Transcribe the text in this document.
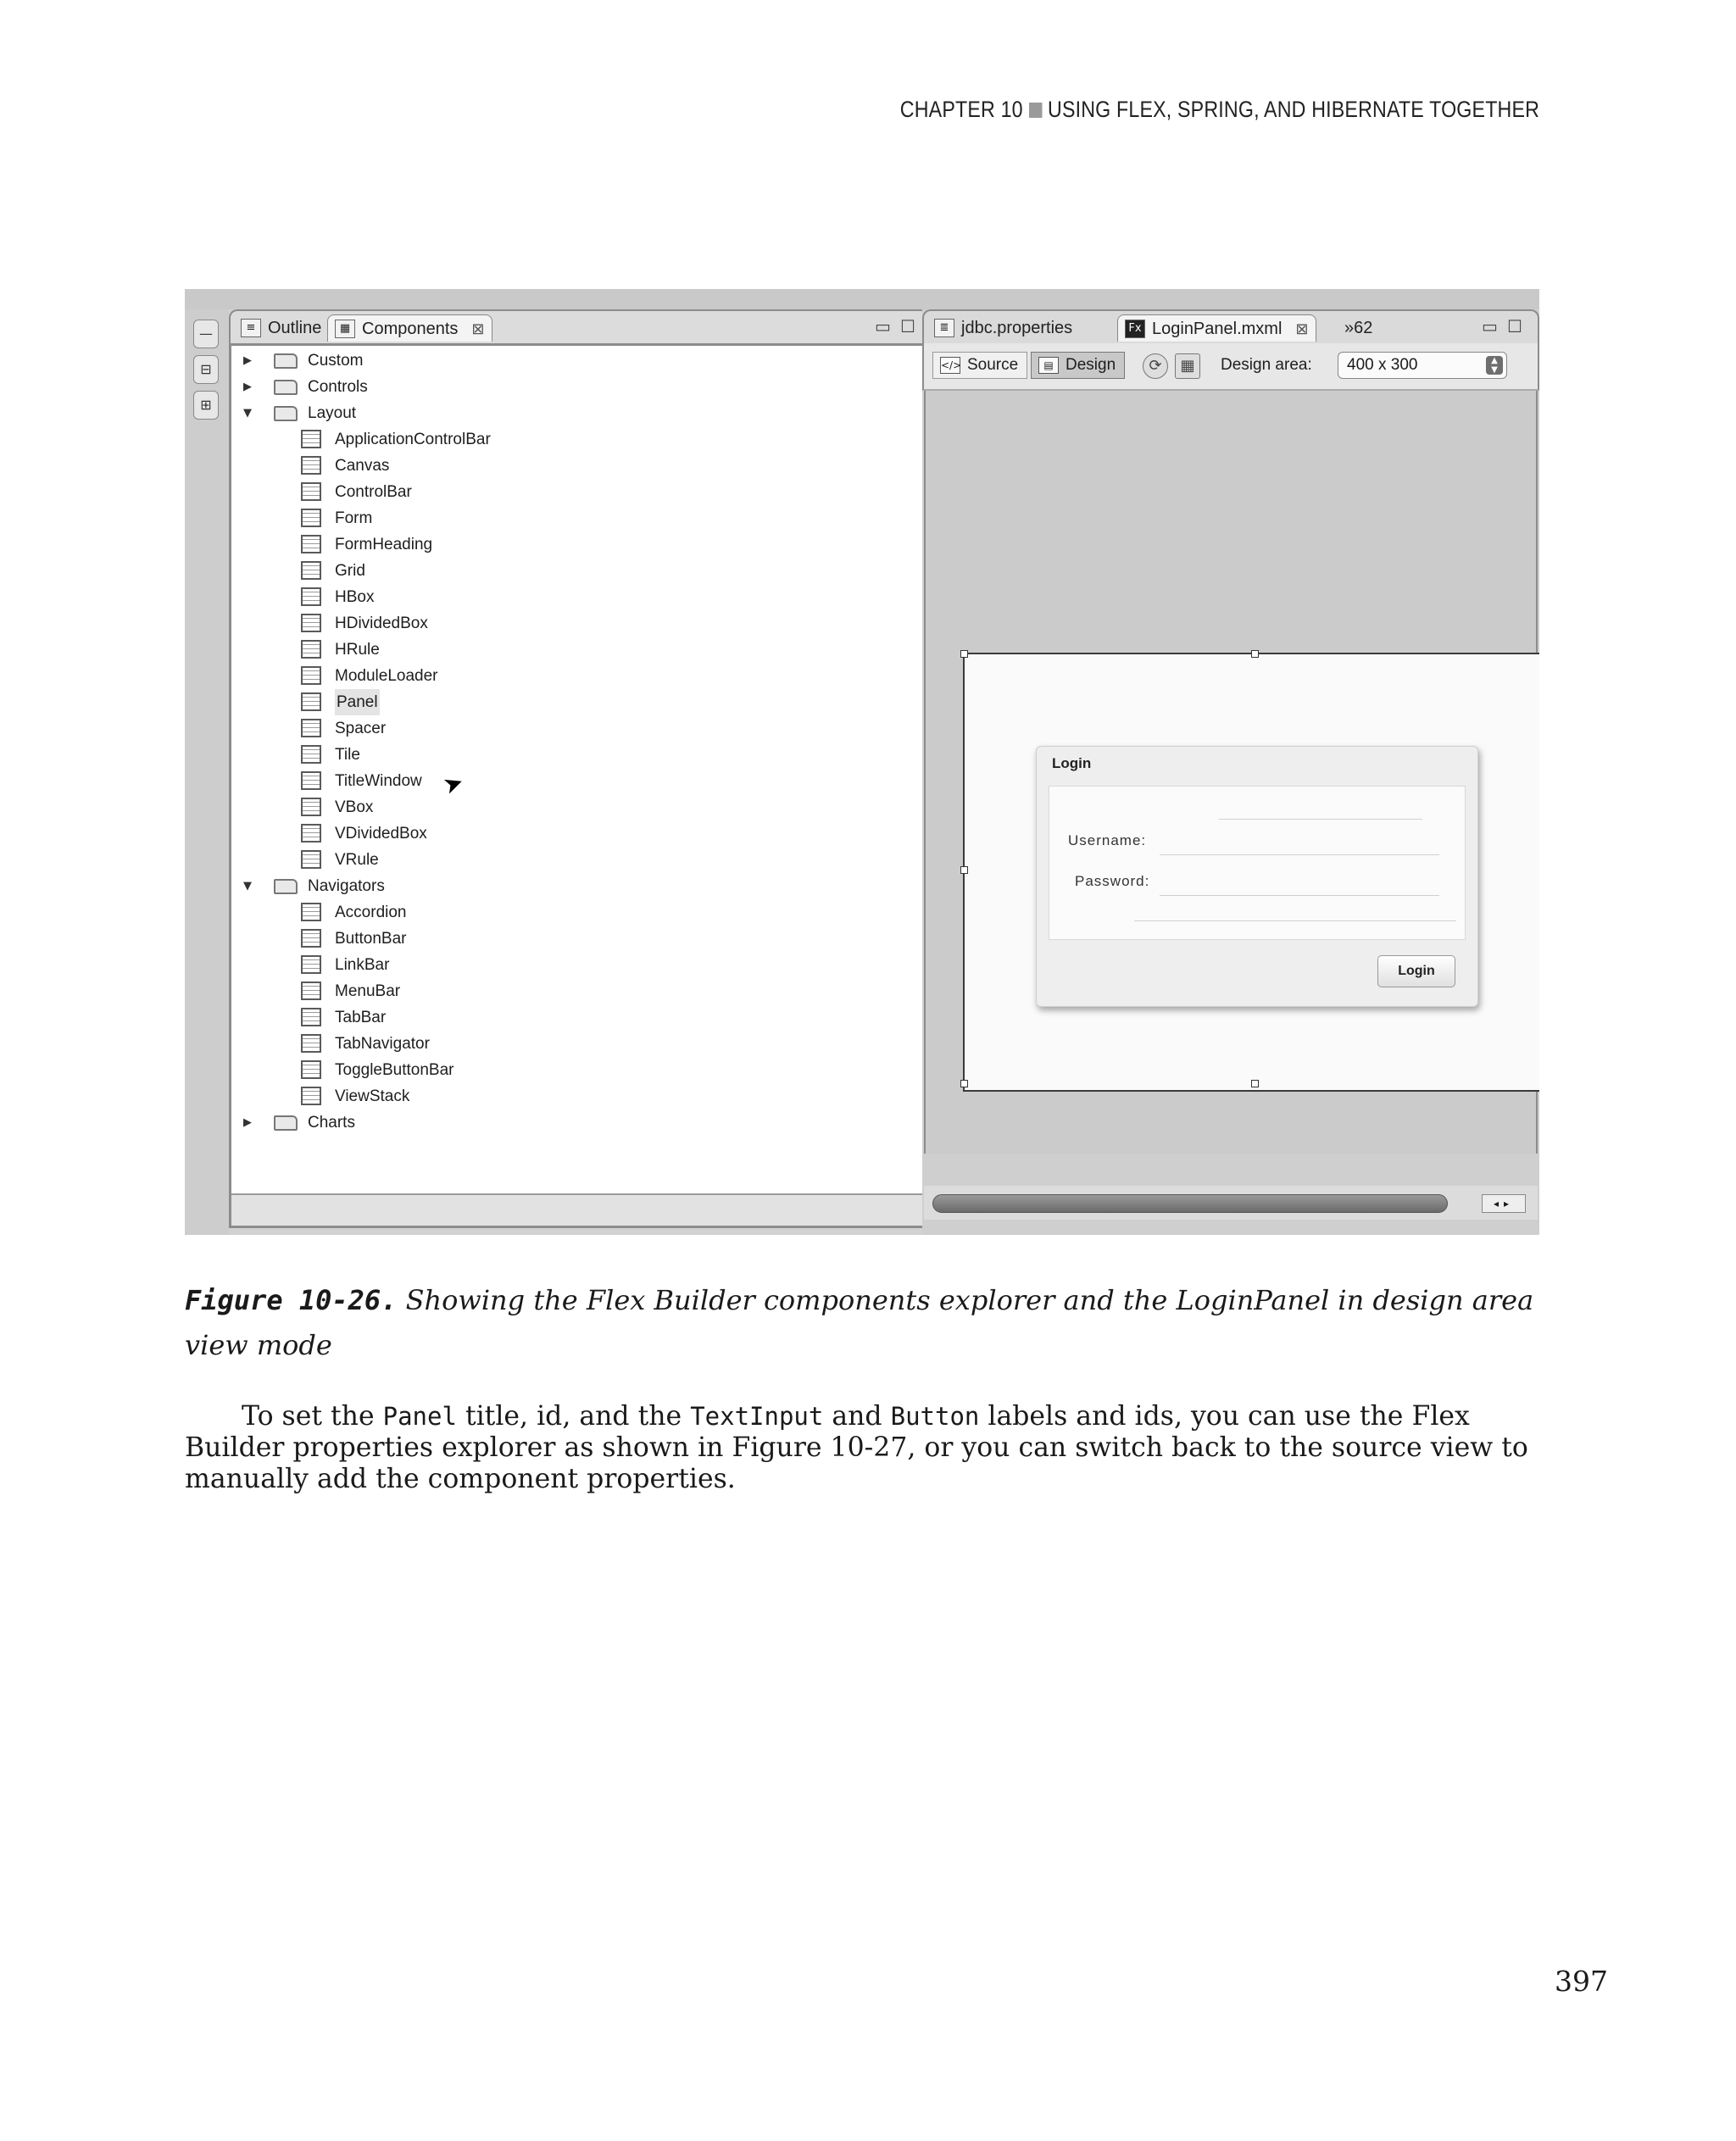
CHAPTER 10 USING FLEX, SPRING, AND HIBERNATE TOGETHER
—
⊟
⊞
≡ Outline	▦ Components ⊠	▭ ☐
▶	Custom
▶	Controls
▼	Layout
ApplicationControlBar
Canvas
ControlBar
Form
FormHeading
Grid
HBox
HDividedBox
HRule
ModuleLoader
Panel
Spacer
Tile
TitleWindow
VBox
VDividedBox
VRule
▼	Navigators
Accordion
ButtonBar
LinkBar
MenuBar
TabBar
TabNavigator
ToggleButtonBar
ViewStack
▶	Charts
➤
≣ jdbc.properties	Fx LoginPanel.mxml ⊠	»62	▭ ☐
</> Source	▤ Design	⟳	▦	Design area:	400 x 300	▲
▼
Login
Username:
Password:
Login
◂▸
Figure 10-26. Showing the Flex Builder components explorer and the LoginPanel in design area view mode

To set the Panel title, id, and the TextInput and Button labels and ids, you can use the Flex Builder properties explorer as shown in Figure 10-27, or you can switch back to the source view to manually add the component properties.

397
